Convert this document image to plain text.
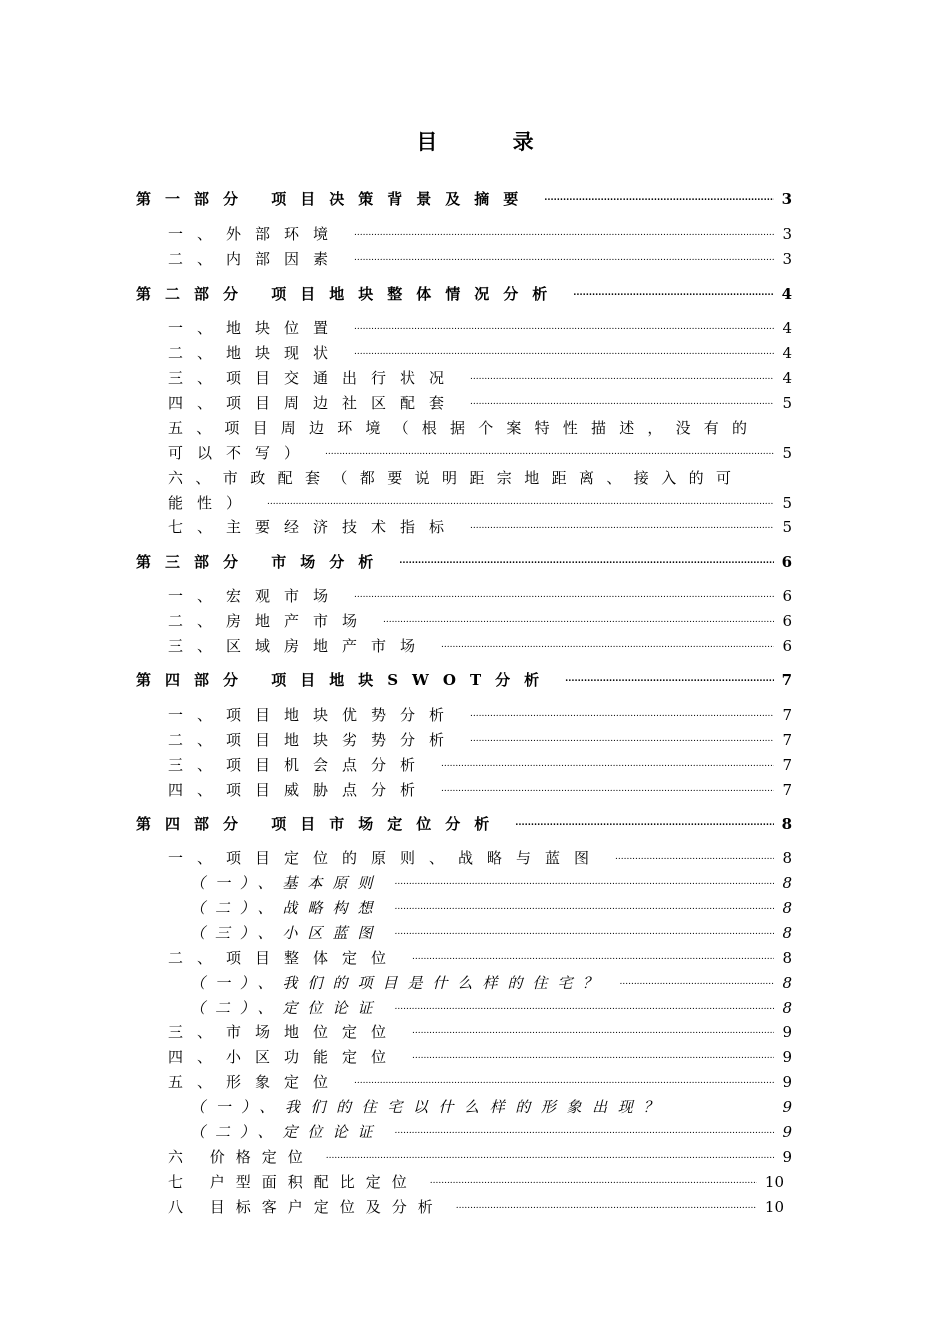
目 录
第一部分 项目决策背景及摘要 .....	3
一、外部环境 .....	3
二、内部因素 .....	3
第二部分 项目地块整体情况分析 .....	4
一、地块位置 .....	4
二、地块现状 .....	4
三、项目交通出行状况 .....	4
四、项目周边社区配套 .....	5
五、项目周边环境（根据个案特性描述，没有的
可以不写） .....	5
六、市政配套（都要说明距宗地距离、接入的可
能性） .....	5
七、主要经济技术指标 .....	5
第三部分 市场分析 .....	6
一、宏观市场 .....	6
二、房地产市场 .....	6
三、区域房地产市场 .....	6
第四部分 项目地块SWOT分析 .....	7
一、项目地块优势分析 .....	7
二、项目地块劣势分析 .....	7
三、项目机会点分析 .....	7
四、项目威胁点分析 .....	7
第四部分 项目市场定位分析 .....	8
一、项目定位的原则、战略与蓝图 .....	8
（一）、基本原则 .....	8
（二）、战略构想 .....	8
（三）、小区蓝图 .....	8
二、项目整体定位 .....	8
（一）、我们的项目是什么样的住宅？ .....	8
（二）、定位论证 .....	8
三、市场地位定位 .....	9
四、小区功能定位 .....	9
五、形象定位 .....	9
（一）、我们的住宅以什么样的形象出现？	9
（二）、定位论证 .....	9
六 价格定位 .....	9
七 户型面积配比定位 .....	10
八 目标客户定位及分析 .....	10
